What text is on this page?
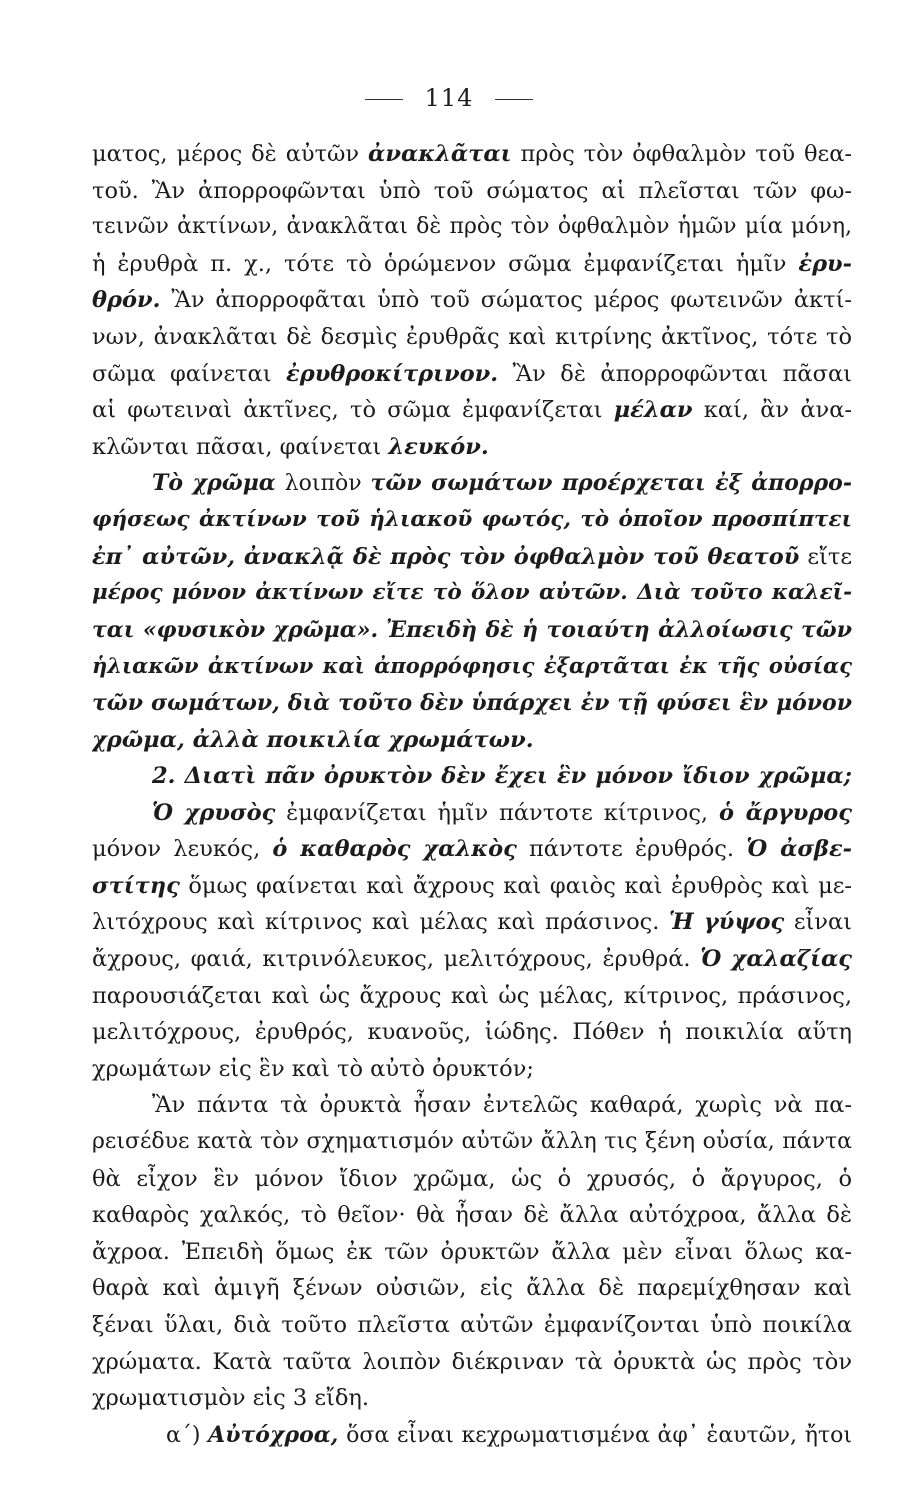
114
ματος, μέρος δὲ αὐτῶν ἀνακλᾶται πρὸς τὸν ὀφθαλμὸν τοῦ θεα-
τοῦ. Ἂν ἀπορροφῶνται ὑπὸ τοῦ σώματος αἱ πλεῖσται τῶν φω-
τεινῶν ἀκτίνων, ἀνακλᾶται δὲ πρὸς τὸν ὀφθαλμὸν ἡμῶν μία μόνη,
ἡ ἐρυθρὰ π. χ., τότε τὸ ὁρώμενον σῶμα ἐμφανίζεται ἡμῖν ἐρυ-
θρόν. Ἂν ἀπορροφᾶται ὑπὸ τοῦ σώματος μέρος φωτεινῶν ἀκτί-
νων, ἀνακλᾶται δὲ δεσμὶς ἐρυθρᾶς καὶ κιτρίνης ἀκτῖνος, τότε τὸ
σῶμα φαίνεται ἐρυθροκίτρινον. Ἂν δὲ ἀπορροφῶνται πᾶσαι
αἱ φωτειναὶ ἀκτῖνες, τὸ σῶμα ἐμφανίζεται μέλαν καί, ἂν ἀνα-
κλῶνται πᾶσαι, φαίνεται λευκόν.
Τὸ χρῶμα λοιπὸν τῶν σωμάτων προέρχεται ἐξ ἀπορρο-
φήσεως ἀκτίνων τοῦ ἡλιακοῦ φωτός, τὸ ὁποῖον προσπίπτει
ἐπ᾽ αὐτῶν, ἀνακλᾷ δὲ πρὸς τὸν ὀφθαλμὸν τοῦ θεατοῦ εἴτε
μέρος μόνον ἀκτίνων εἴτε τὸ ὅλον αὐτῶν. Διὰ τοῦτο καλεῖ-
ται «φυσικὸν χρῶμα». Ἐπειδὴ δὲ ἡ τοιαύτη ἀλλοίωσις τῶν
ἡλιακῶν ἀκτίνων καὶ ἀπορρόφησις ἐξαρτᾶται ἐκ τῆς οὐσίας
τῶν σωμάτων, διὰ τοῦτο δὲν ὑπάρχει ἐν τῇ φύσει ἓν μόνον
χρῶμα, ἀλλὰ ποικιλία χρωμάτων.
2. Διατὶ πᾶν ὀρυκτὸν δὲν ἔχει ἓν μόνον ἴδιον χρῶμα;
Ὁ χρυσὸς ἐμφανίζεται ἡμῖν πάντοτε κίτρινος, ὁ ἄργυρος
μόνον λευκός, ὁ καθαρὸς χαλκὸς πάντοτε ἐρυθρός. Ὁ ἀσβε-
στίτης ὅμως φαίνεται καὶ ἄχρους καὶ φαιὸς καὶ ἐρυθρὸς καὶ με-
λιτόχρους καὶ κίτρινος καὶ μέλας καὶ πράσινος. Ἡ γύψος εἶναι
ἄχρους, φαιά, κιτρινόλευκος, μελιτόχρους, ἐρυθρά. Ὁ χαλαζίας
παρουσιάζεται καὶ ὡς ἄχρους καὶ ὡς μέλας, κίτρινος, πράσινος,
μελιτόχρους, ἐρυθρός, κυανοῦς, ἰώδης. Πόθεν ἡ ποικιλία αὕτη
χρωμάτων εἰς ἓν καὶ τὸ αὐτὸ ὀρυκτόν;
Ἂν πάντα τὰ ὀρυκτὰ ἦσαν ἐντελῶς καθαρά, χωρὶς νὰ πα-
ρεισέδυε κατὰ τὸν σχηματισμόν αὐτῶν ἄλλη τις ξένη οὐσία, πάντα
θὰ εἶχον ἓν μόνον ἴδιον χρῶμα, ὡς ὁ χρυσός, ὁ ἄργυρος, ὁ
καθαρὸς χαλκός, τὸ θεῖον· θὰ ἦσαν δὲ ἄλλα αὐτόχροα, ἄλλα δὲ
ἄχροα. Ἐπειδὴ ὅμως ἐκ τῶν ὀρυκτῶν ἄλλα μὲν εἶναι ὅλως κα-
θαρὰ καὶ ἀμιγῆ ξένων οὐσιῶν, εἰς ἄλλα δὲ παρεμίχθησαν καὶ
ξέναι ὕλαι, διὰ τοῦτο πλεῖστα αὐτῶν ἐμφανίζονται ὑπὸ ποικίλα
χρώματα. Κατὰ ταῦτα λοιπὸν διέκριναν τὰ ὀρυκτὰ ὡς πρὸς τὸν
χρωματισμὸν εἰς 3 εἴδη.
α´) Αὐτόχροα, ὅσα εἶναι κεχρωματισμένα ἀφ᾽ ἑαυτῶν, ἤτοι
